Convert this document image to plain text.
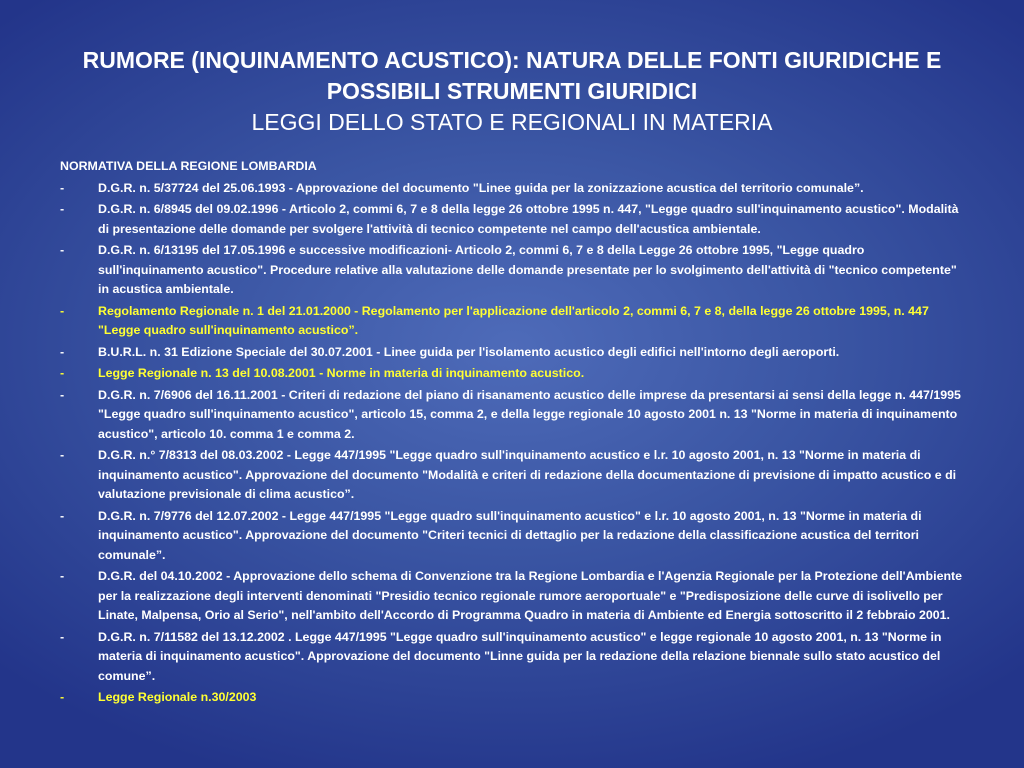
RUMORE (INQUINAMENTO ACUSTICO): NATURA DELLE FONTI GIURIDICHE E
POSSIBILI STRUMENTI GIURIDICI
LEGGI DELLO STATO E REGIONALI IN MATERIA
NORMATIVA DELLA REGIONE LOMBARDIA
-	D.G.R. n. 5/37724 del 25.06.1993 - Approvazione del documento "Linee guida per la zonizzazione acustica del territorio comunale”.
-	D.G.R. n. 6/8945 del 09.02.1996 - Articolo 2, commi 6, 7 e 8 della legge 26 ottobre 1995 n. 447, "Legge quadro sull'inquinamento acustico". Modalità di presentazione delle domande per svolgere l'attività di tecnico competente nel campo dell'acustica ambientale.
-	D.G.R. n. 6/13195 del 17.05.1996 e successive modificazioni- Articolo 2, commi 6, 7 e 8 della Legge 26 ottobre 1995, "Legge quadro sull'inquinamento acustico". Procedure relative alla valutazione delle domande presentate per lo svolgimento dell'attività di "tecnico competente" in acustica ambientale.
-	Regolamento Regionale n. 1 del 21.01.2000 - Regolamento per l'applicazione dell'articolo 2, commi 6, 7 e 8, della legge 26 ottobre 1995, n. 447 "Legge quadro sull'inquinamento acustico”.
-	B.U.R.L. n. 31 Edizione Speciale del 30.07.2001 - Linee guida per l'isolamento acustico degli edifici nell'intorno degli aeroporti.
-	Legge Regionale n. 13 del 10.08.2001 - Norme in materia di inquinamento acustico.
-	D.G.R. n. 7/6906 del 16.11.2001 - Criteri di redazione del piano di risanamento acustico delle imprese da presentarsi ai sensi della legge n. 447/1995 "Legge quadro sull'inquinamento acustico", articolo 15, comma 2, e della legge regionale 10 agosto 2001 n. 13 "Norme in materia di inquinamento acustico", articolo 10. comma 1 e comma 2.
-	D.G.R. n.° 7/8313 del 08.03.2002 - Legge 447/1995 "Legge quadro sull'inquinamento acustico e l.r. 10 agosto 2001, n. 13 "Norme in materia di inquinamento acustico". Approvazione del documento "Modalità e criteri di redazione della documentazione di previsione di impatto acustico e di valutazione previsionale di clima acustico”.
-	D.G.R. n. 7/9776 del 12.07.2002 - Legge 447/1995 "Legge quadro sull'inquinamento acustico" e l.r. 10 agosto 2001, n. 13 "Norme in materia di inquinamento acustico". Approvazione del documento "Criteri tecnici di dettaglio per la redazione della classificazione acustica del territori comunale”.
-	D.G.R. del 04.10.2002 - Approvazione dello schema di Convenzione tra la Regione Lombardia e l'Agenzia Regionale per la Protezione dell'Ambiente per la realizzazione degli interventi denominati "Presidio tecnico regionale rumore aeroportuale" e "Predisposizione delle curve di isolivello per Linate, Malpensa, Orio al Serio", nell'ambito dell'Accordo di Programma Quadro in materia di Ambiente ed Energia sottoscritto il 2 febbraio 2001.
-	D.G.R. n. 7/11582 del 13.12.2002 . Legge 447/1995 "Legge quadro sull'inquinamento acustico" e legge regionale 10 agosto 2001, n. 13 "Norme in materia di inquinamento acustico". Approvazione del documento "Linne guida per la redazione della relazione biennale sullo stato acustico del comune”.
-	Legge Regionale n.30/2003
